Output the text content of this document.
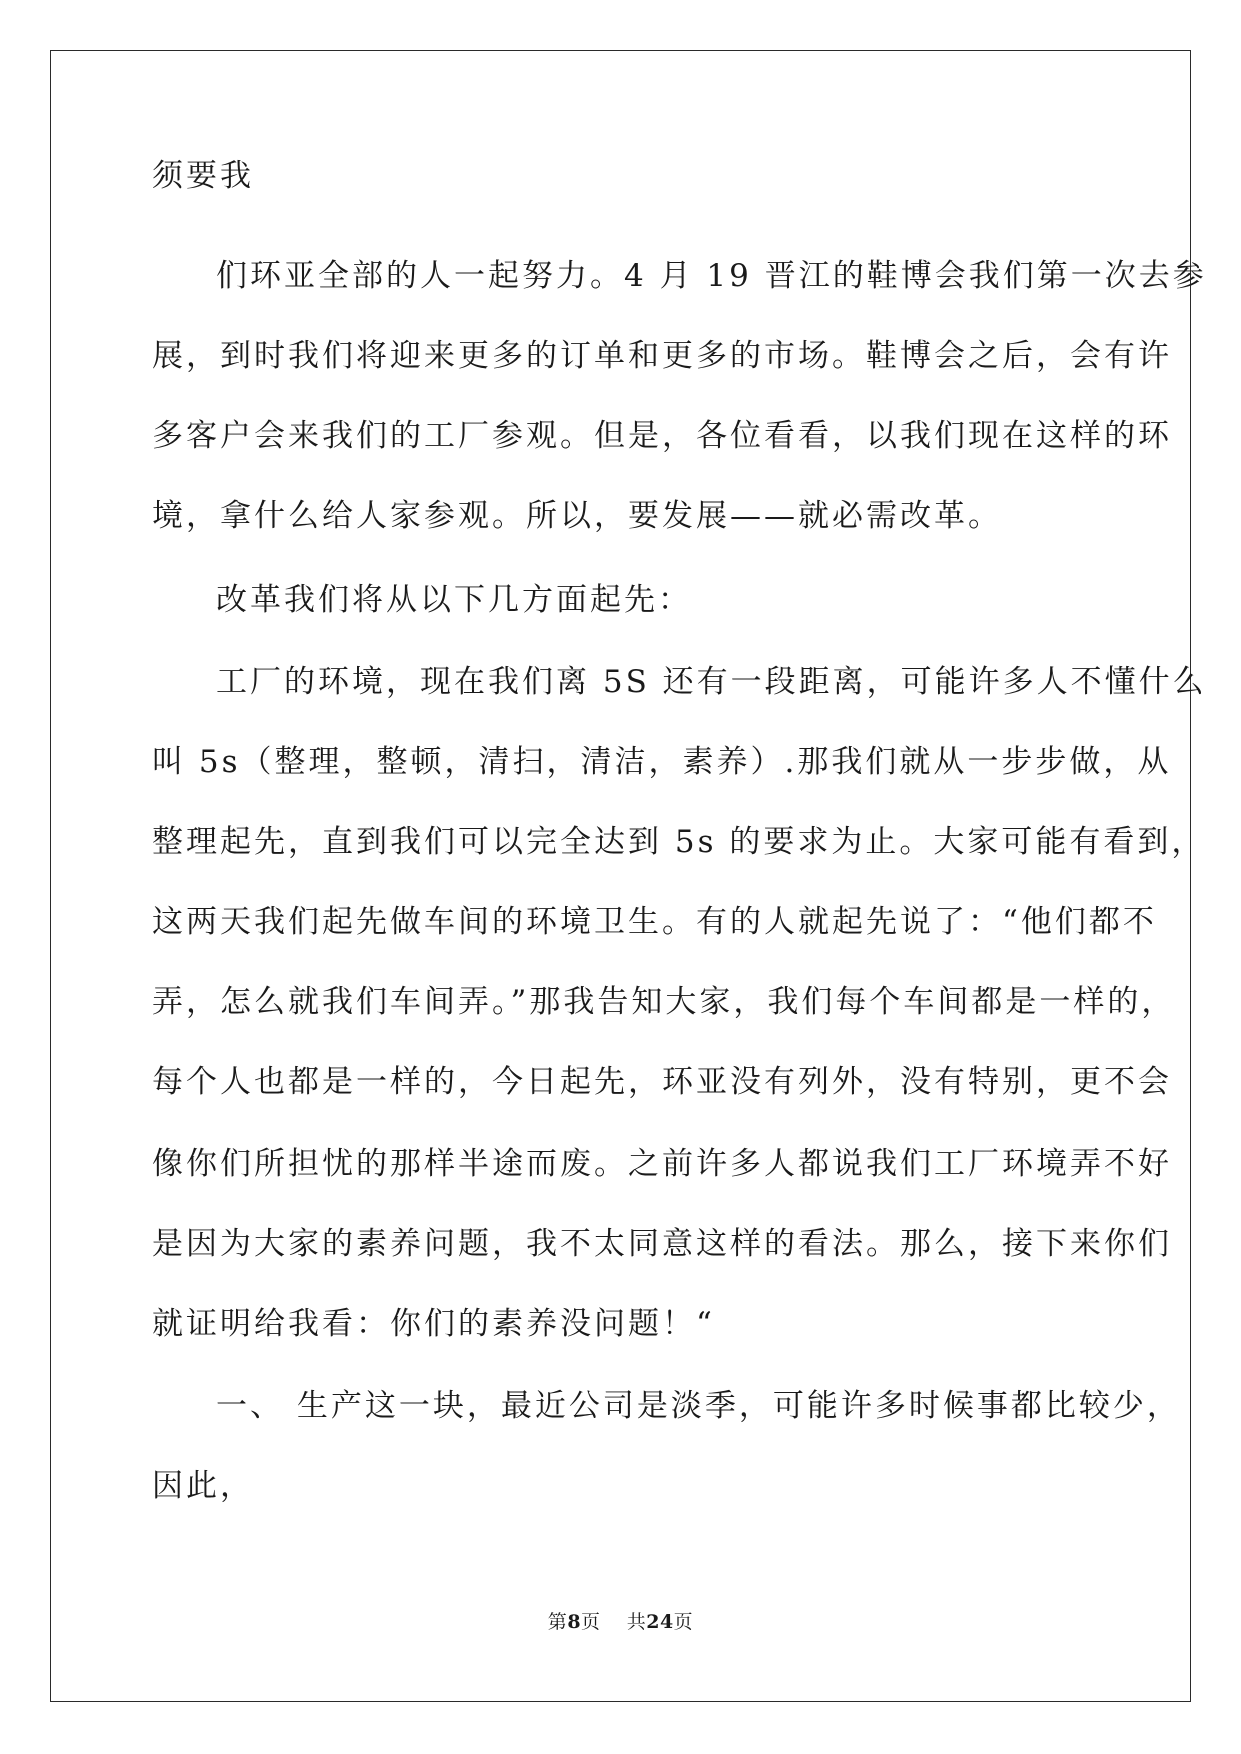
须要我
们环亚全部的人一起努力。4 月 19 晋江的鞋博会我们第一次去参
展，到时我们将迎来更多的订单和更多的市场。鞋博会之后，会有许
多客户会来我们的工厂参观。但是，各位看看，以我们现在这样的环
境，拿什么给人家参观。所以，要发展——就必需改革。
改革我们将从以下几方面起先：
工厂的环境，现在我们离 5S 还有一段距离，可能许多人不懂什么
叫 5s（整理，整顿，清扫，清洁，素养）.那我们就从一步步做，从
整理起先，直到我们可以完全达到 5s 的要求为止。大家可能有看到，
这两天我们起先做车间的环境卫生。有的人就起先说了：“他们都不
弄，怎么就我们车间弄。”那我告知大家，我们每个车间都是一样的，
每个人也都是一样的，今日起先，环亚没有列外，没有特别，更不会
像你们所担忧的那样半途而废。之前许多人都说我们工厂环境弄不好
是因为大家的素养问题，我不太同意这样的看法。那么，接下来你们
就证明给我看：你们的素养没问题！“
一、 生产这一块，最近公司是淡季，可能许多时候事都比较少，
因此，
第8页    共24页
